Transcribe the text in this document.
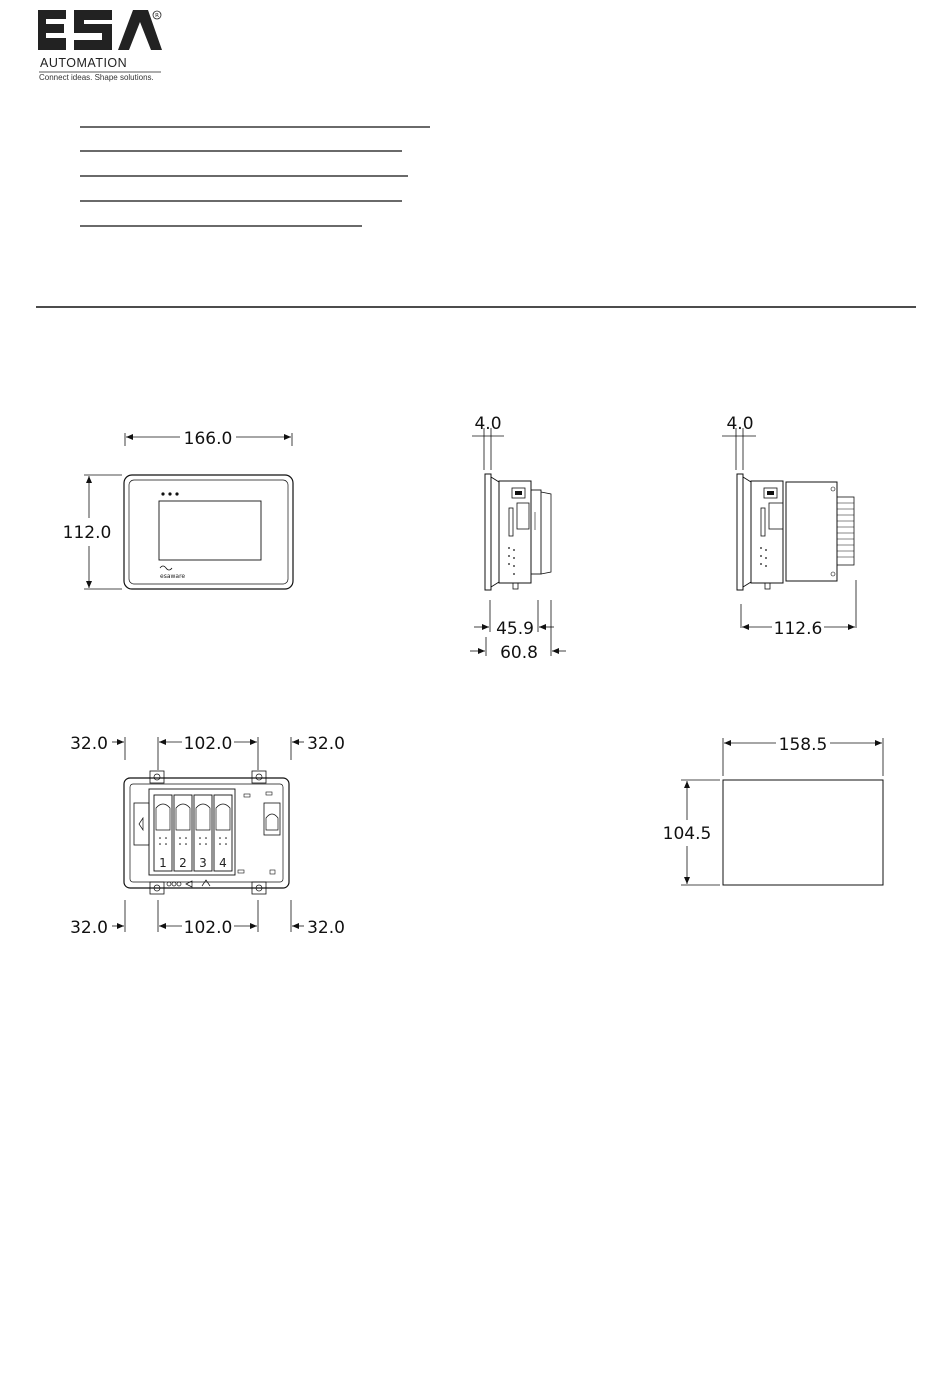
R
AUTOMATION
Connect ideas. Shape solutions.
166.0
112.0
esaware
4.0
45.9
60.8
4.0
112.6
32.0	102.0	32.0
1 2 3 4
32.0	102.0	32.0
158.5
104.5
